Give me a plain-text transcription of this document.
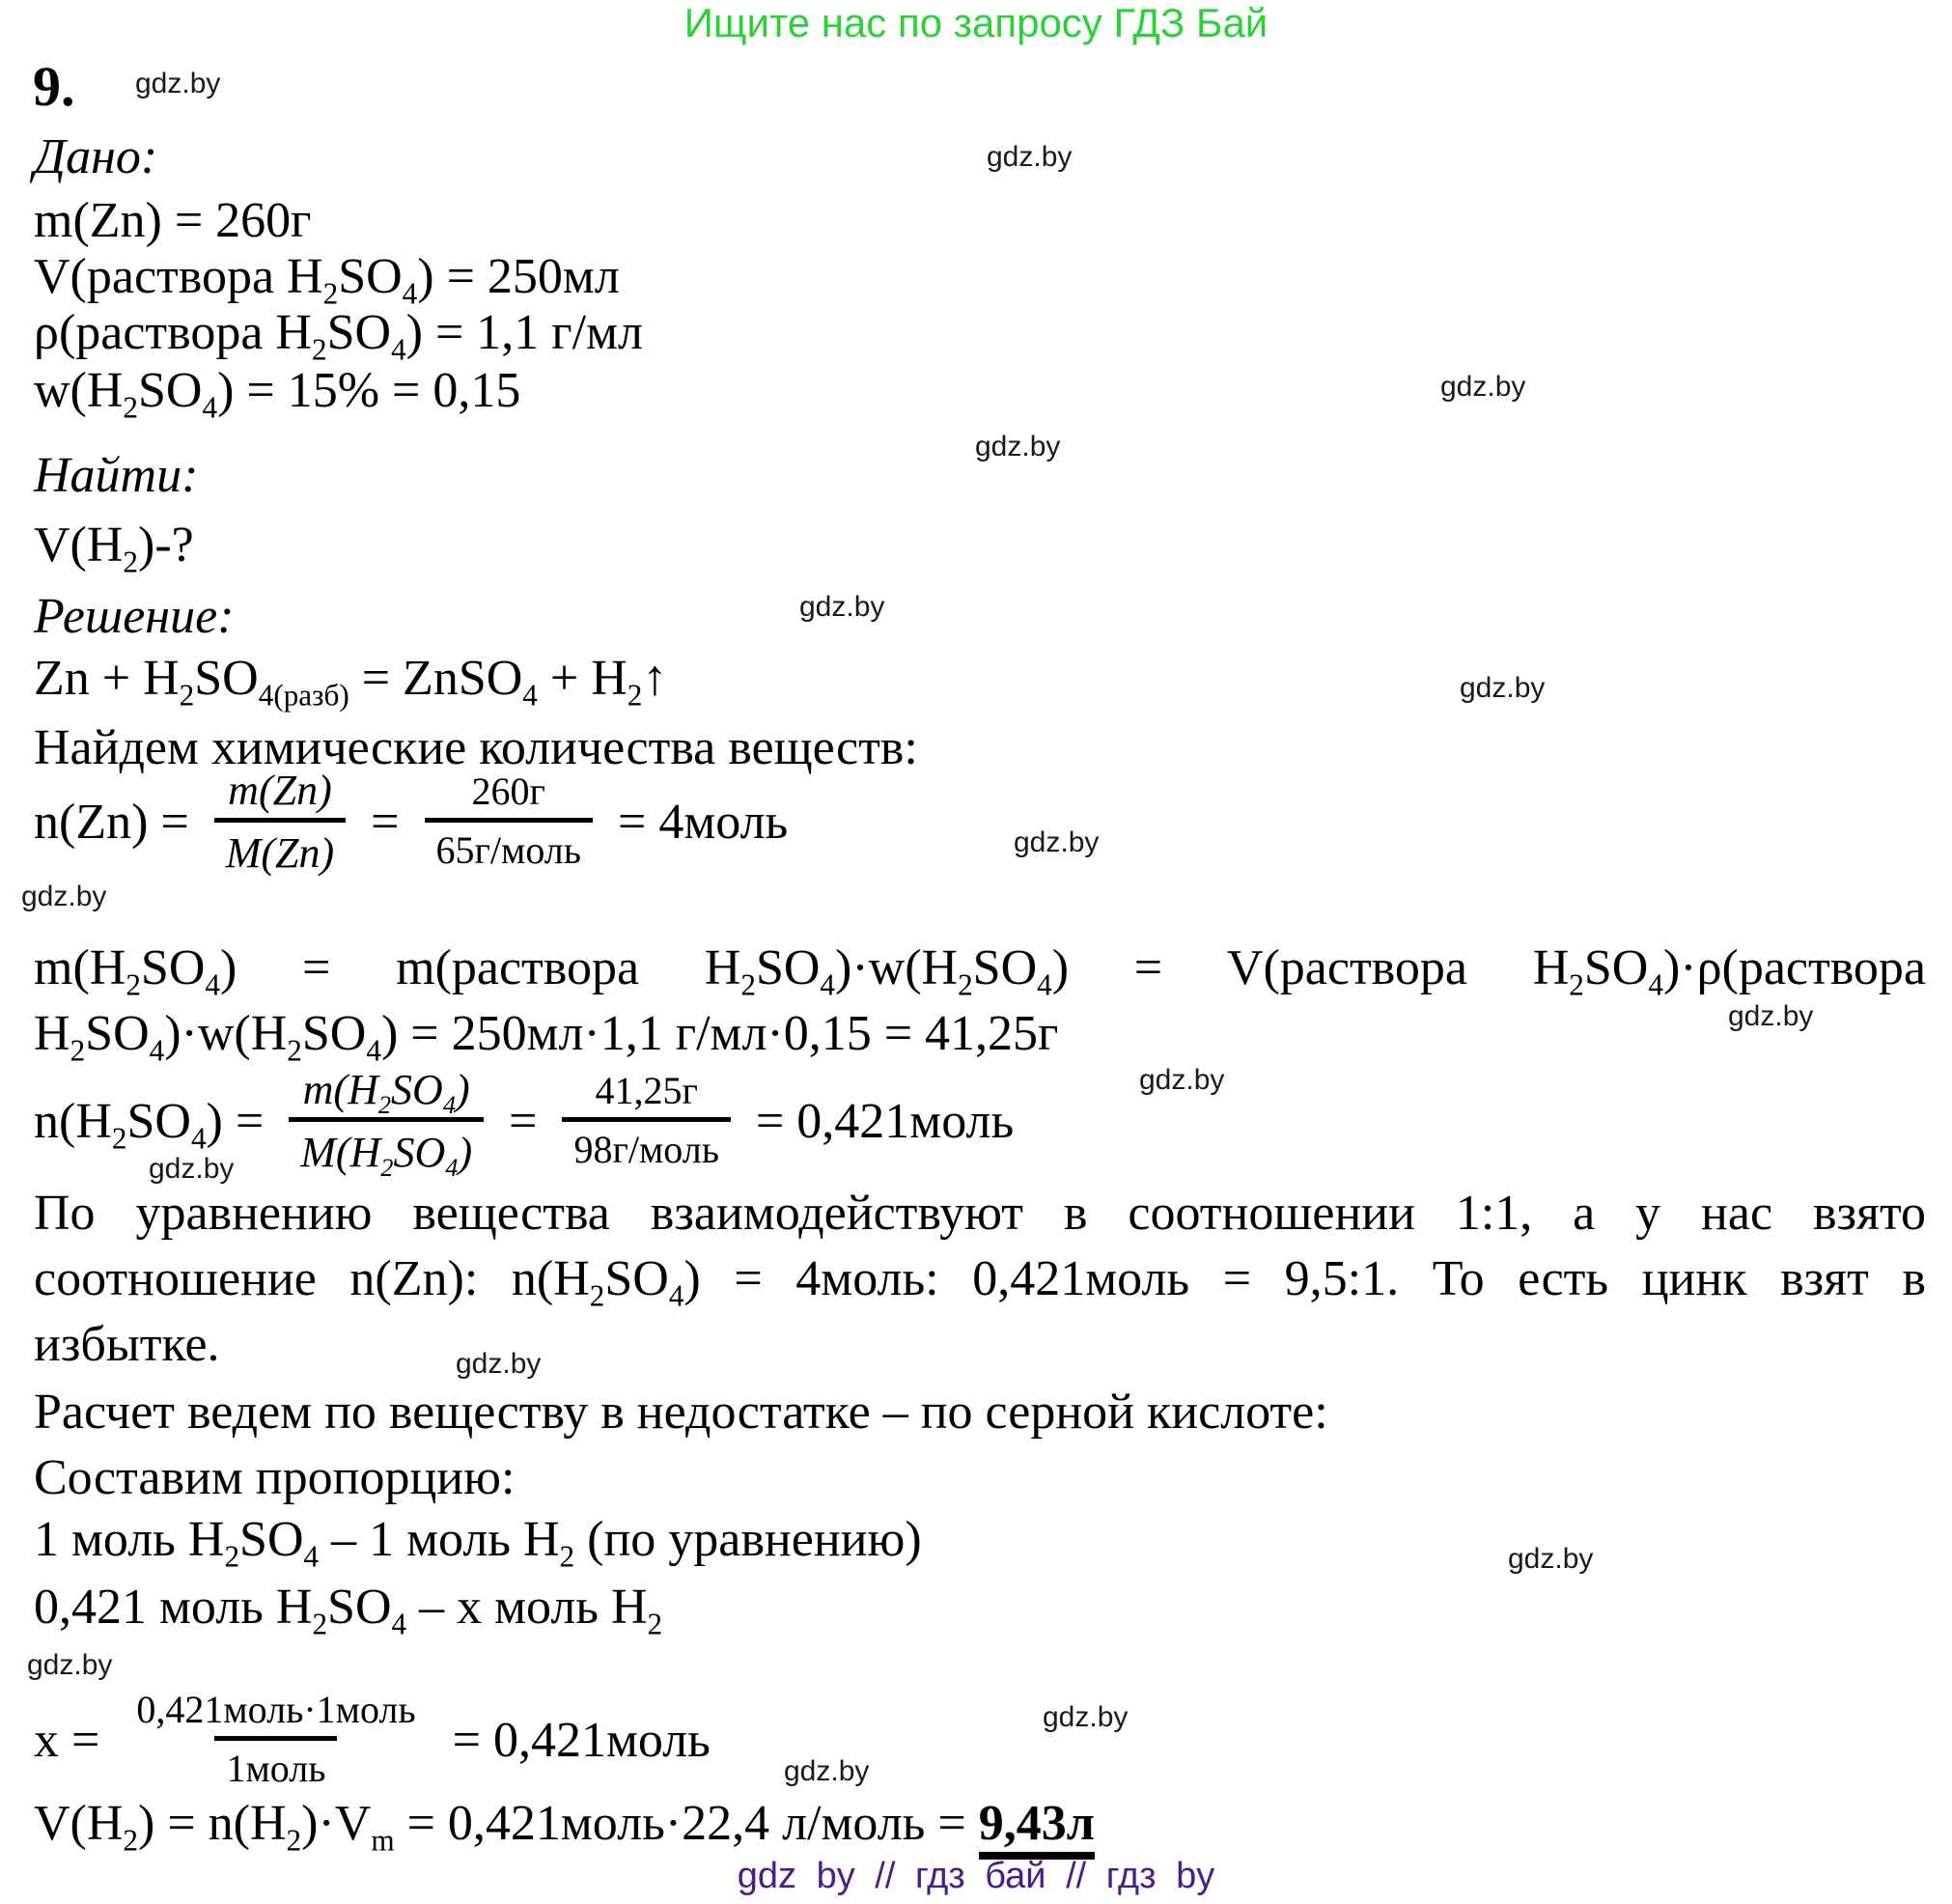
Ищите нас по запросу ГДЗ Бай
9. gdz.by
gdz.by
gdz.by
gdz.by
gdz.by
gdz.by
gdz.by
gdz.by
gdz.by
gdz.by
gdz.by
gdz.by
gdz.by
gdz.by
gdz.by
gdz.by
Дано:
m(Zn) = 260г
V(раствора $H_2SO_4) = 250мл$
ρ(раствора $H_2SO_4) = 1,1$ г/мл
$w(H_2SO_4) = 15\% = 0,15$
Найти:
$V(H_2)-$?
Решение:
$Zn + H_2SO_{4(разб)}$ = ZnSO$_4$ + $H_2↑$
Найдем химические количества веществ:
$n(Zn) = \frac{m(Zn)}{M(Zn)} = \frac{260г}{\text{65г/моль}}$ = 4моль
$m(H_2SO_4)$ = m(раствора $H_2SO_4)\cdot w(H_2SO_4)$ = V(раствора $H_2SO_4)\cdot\rho(раствора$
$H_2SO_4)\cdot w(H_2SO_4) = 250мл\cdot 1,1$ г/мл·0,15 = 41,25г
$n(H_2SO_4) = \frac{m(H_2SO_4)}{M(H_2SO_4)} = \frac{41,25г}{\text{98г/моль}}$ = 0,421моль
По уравнению вещества взаимодействуют в соотношении 1:1, а у нас взято
соотношение n(Zn): $n(H_2SO_4)$ = 4моль: 0,421моль = 9,5:1. То есть цинк взят в
избытке.
Расчет ведем по веществу в недостатке – по серной кислоте:
Составим пропорцию:
1 моль $H_2SO_4 - 1$ моль $H_2$ (по уравнению)
0,421 моль $H_2SO_4$ – x моль $H_2$
$x = \frac{\text{0,421моль·1моль}}{\text{1моль}}$ = 0,421моль
$V(H_2) = n(H_2)\cdot V_m$ = 0,421моль·22,4 л/моль = 9,43л
gdz by // гдз бай // гдз by
